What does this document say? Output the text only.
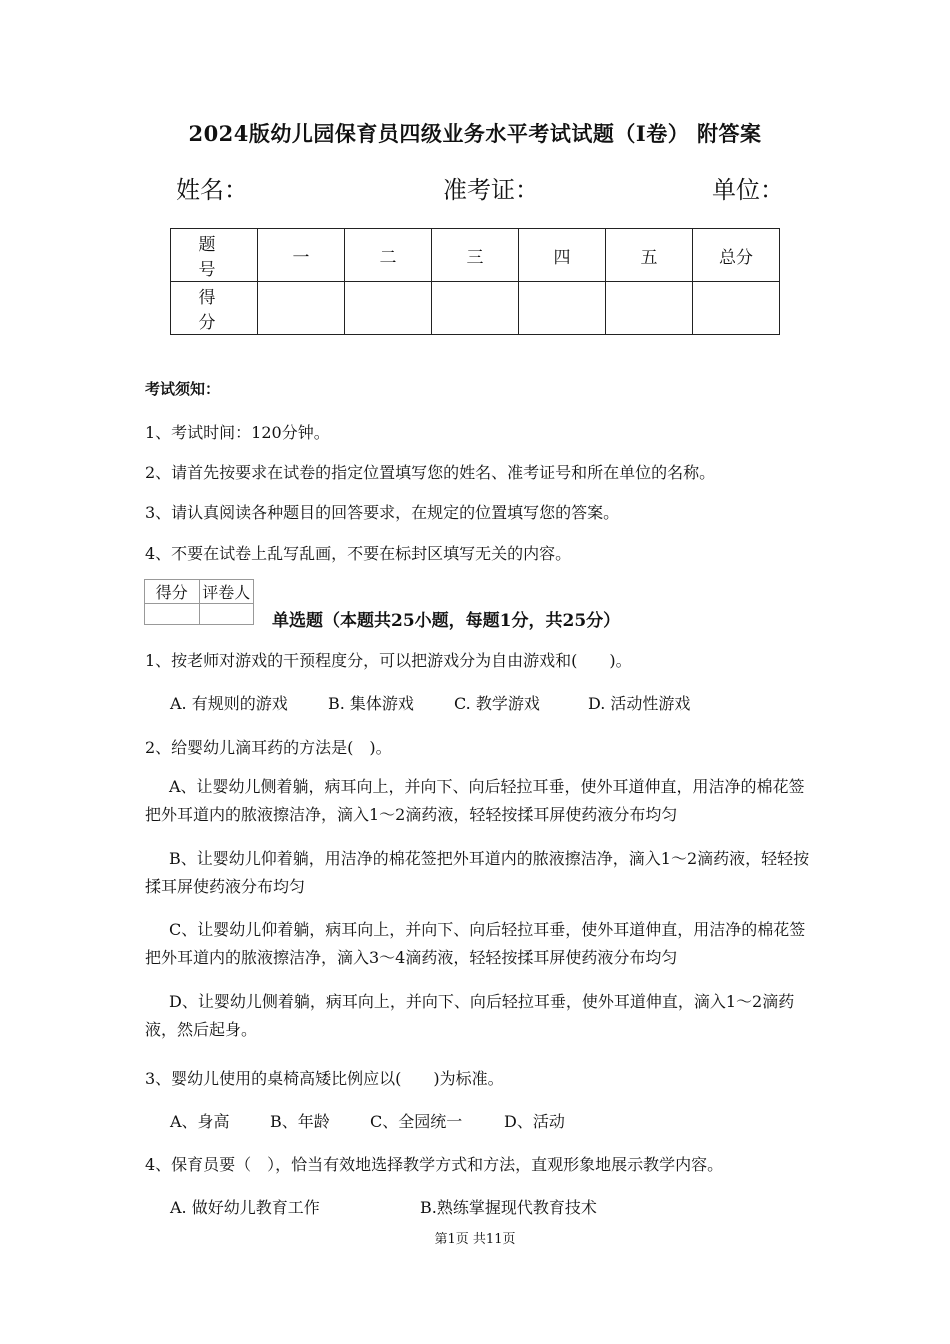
2024版幼儿园保育员四级业务水平考试试题（I卷） 附答案
姓名：	准考证：	单位：
题　号	一	二	三	四	五	总分
得　分						
考试须知：
1、考试时间：120分钟。
2、请首先按要求在试卷的指定位置填写您的姓名、准考证号和所在单位的名称。
3、请认真阅读各种题目的回答要求，在规定的位置填写您的答案。
4、不要在试卷上乱写乱画，不要在标封区填写无关的内容。
得分	评卷人

单选题（本题共25小题，每题1分，共25分）
1、按老师对游戏的干预程度分，可以把游戏分为自由游戏和(　　)。
A. 有规则的游戏	B. 集体游戏	C. 教学游戏	D. 活动性游戏
2、给婴幼儿滴耳药的方法是(　)。
A、让婴幼儿侧着躺，病耳向上，并向下、向后轻拉耳垂，使外耳道伸直，用洁净的棉花签把外耳道内的脓液擦洁净，滴入1～2滴药液，轻轻按揉耳屏使药液分布均匀
B、让婴幼儿仰着躺，用洁净的棉花签把外耳道内的脓液擦洁净，滴入1～2滴药液，轻轻按揉耳屏使药液分布均匀
C、让婴幼儿仰着躺，病耳向上，并向下、向后轻拉耳垂，使外耳道伸直，用洁净的棉花签把外耳道内的脓液擦洁净，滴入3～4滴药液，轻轻按揉耳屏使药液分布均匀
D、让婴幼儿侧着躺，病耳向上，并向下、向后轻拉耳垂，使外耳道伸直，滴入1～2滴药液，然后起身。
3、婴幼儿使用的桌椅高矮比例应以(　　)为标准。
A、身高	B、年龄	C、全园统一	D、活动
4、保育员要（　），恰当有效地选择教学方式和方法，直观形象地展示教学内容。
A. 做好幼儿教育工作	B.熟练掌握现代教育技术
第1页 共11页
